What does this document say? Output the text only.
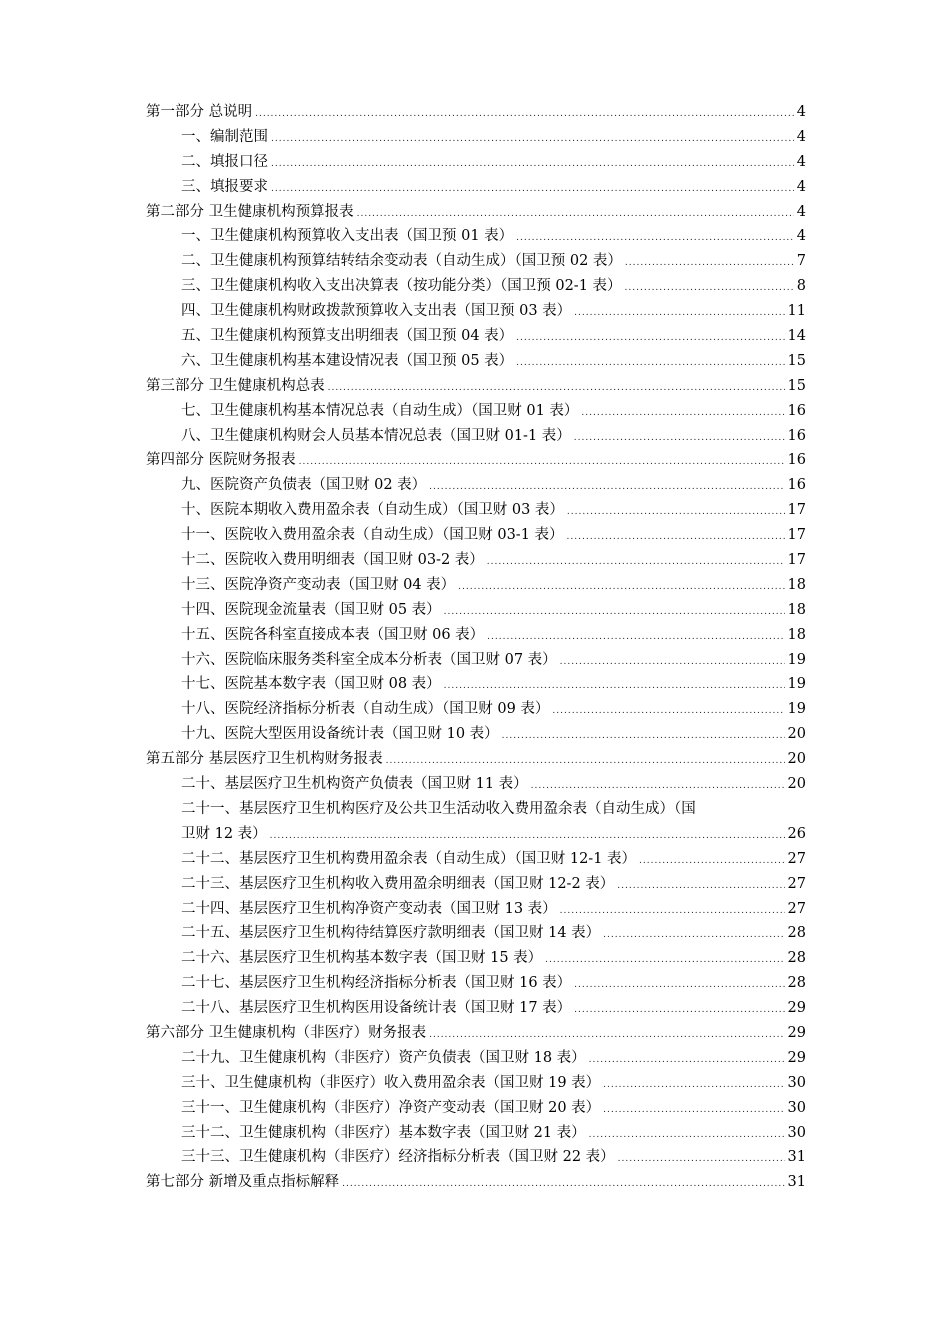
第一部分 总说明 .....	4
一、编制范围 .....	4
二、填报口径 .....	4
三、填报要求 .....	4
第二部分 卫生健康机构预算报表 .....	4
一、卫生健康机构预算收入支出表（国卫预 01 表） .....	4
二、卫生健康机构预算结转结余变动表（自动生成）（国卫预 02 表） .....	7
三、卫生健康机构收入支出决算表（按功能分类）（国卫预 02-1 表） .....	8
四、卫生健康机构财政拨款预算收入支出表（国卫预 03 表） .....	11
五、卫生健康机构预算支出明细表（国卫预 04 表） .....	14
六、卫生健康机构基本建设情况表（国卫预 05 表） .....	15
第三部分 卫生健康机构总表 .....	15
七、卫生健康机构基本情况总表（自动生成）（国卫财 01 表） .....	16
八、卫生健康机构财会人员基本情况总表（国卫财 01-1 表） .....	16
第四部分 医院财务报表 .....	16
九、医院资产负债表（国卫财 02 表） .....	16
十、医院本期收入费用盈余表（自动生成）（国卫财 03 表） .....	17
十一、医院收入费用盈余表（自动生成）（国卫财 03-1 表） .....	17
十二、医院收入费用明细表（国卫财 03-2 表） .....	17
十三、医院净资产变动表（国卫财 04 表） .....	18
十四、医院现金流量表（国卫财 05 表） .....	18
十五、医院各科室直接成本表（国卫财 06 表） .....	18
十六、医院临床服务类科室全成本分析表（国卫财 07 表） .....	19
十七、医院基本数字表（国卫财 08 表） .....	19
十八、医院经济指标分析表（自动生成）（国卫财 09 表） .....	19
十九、医院大型医用设备统计表（国卫财 10 表） .....	20
第五部分 基层医疗卫生机构财务报表 .....	20
二十、基层医疗卫生机构资产负债表（国卫财 11 表） .....	20
二十一、基层医疗卫生机构医疗及公共卫生活动收入费用盈余表（自动生成）（国
卫财 12 表） .....	26
二十二、基层医疗卫生机构费用盈余表（自动生成）（国卫财 12-1 表） .....	27
二十三、基层医疗卫生机构收入费用盈余明细表（国卫财 12-2 表） .....	27
二十四、基层医疗卫生机构净资产变动表（国卫财 13 表） .....	27
二十五、基层医疗卫生机构待结算医疗款明细表（国卫财 14 表） .....	28
二十六、基层医疗卫生机构基本数字表（国卫财 15 表） .....	28
二十七、基层医疗卫生机构经济指标分析表（国卫财 16 表） .....	28
二十八、基层医疗卫生机构医用设备统计表（国卫财 17 表） .....	29
第六部分 卫生健康机构（非医疗）财务报表 .....	29
二十九、卫生健康机构（非医疗）资产负债表（国卫财 18 表） .....	29
三十、卫生健康机构（非医疗）收入费用盈余表（国卫财 19 表） .....	30
三十一、卫生健康机构（非医疗）净资产变动表（国卫财 20 表） .....	30
三十二、卫生健康机构（非医疗）基本数字表（国卫财 21 表） .....	30
三十三、卫生健康机构（非医疗）经济指标分析表（国卫财 22 表） .....	31
第七部分 新增及重点指标解释 .....	31
